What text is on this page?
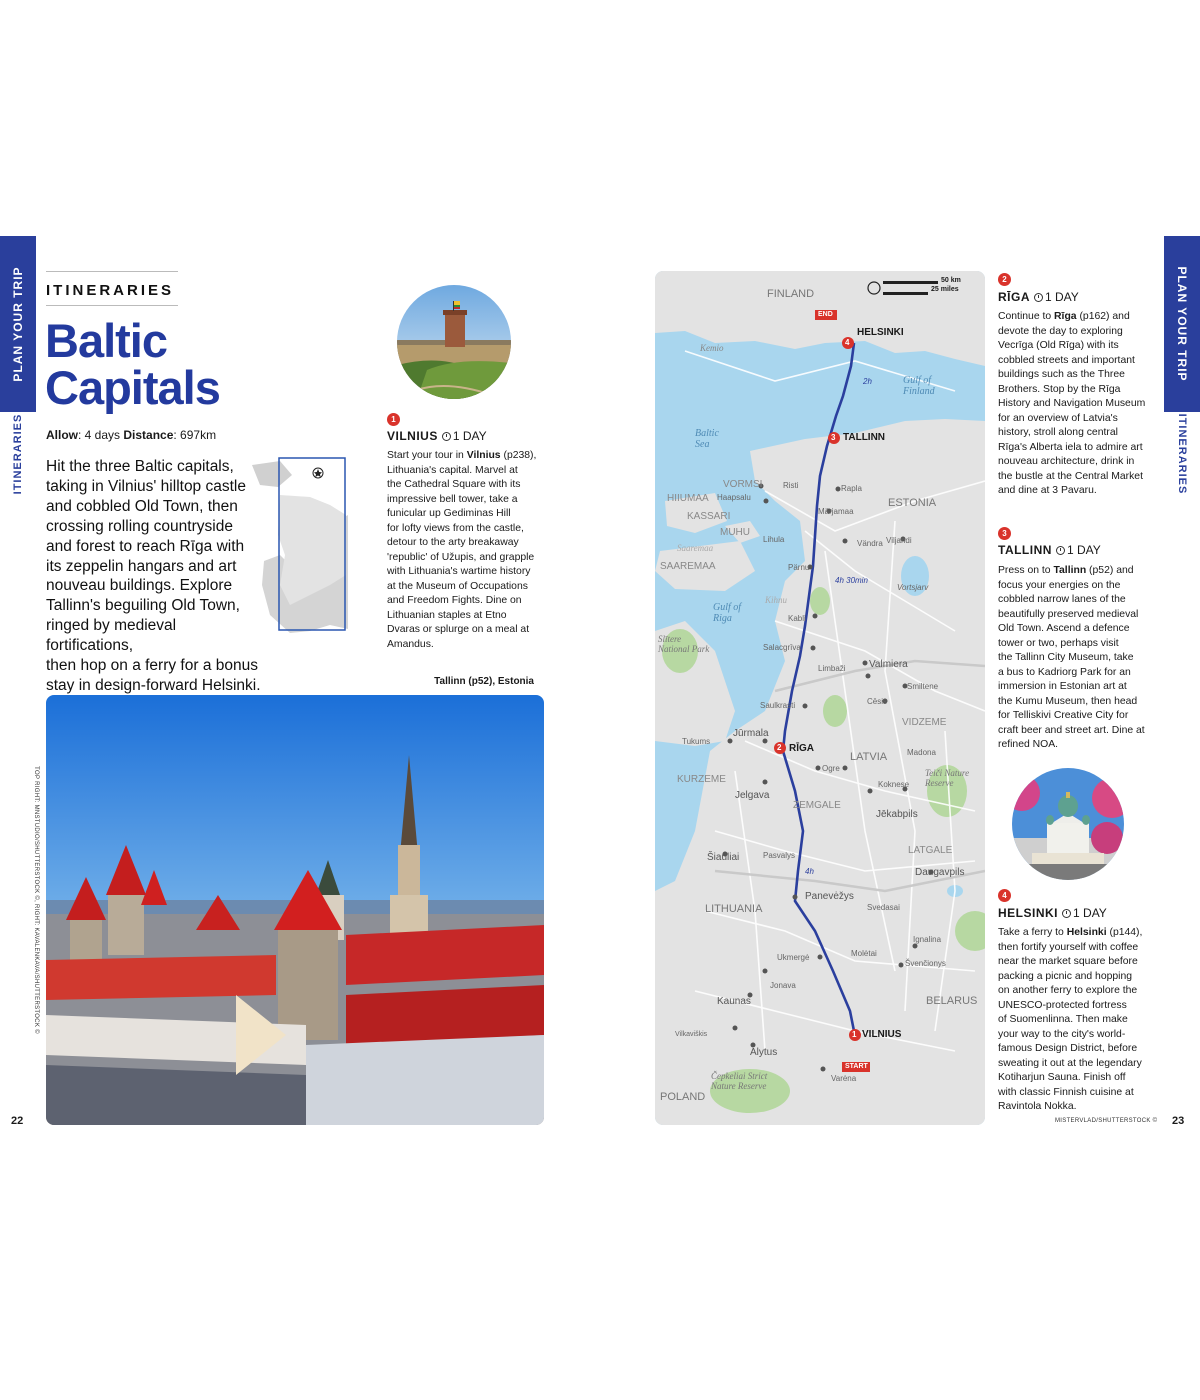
PLAN YOUR TRIP
ITINERARIES
ITINERARIES
Baltic
Capitals
Allow: 4 days Distance: 697km
Hit the three Baltic capitals,
taking in Vilnius' hilltop castle
and cobbled Old Town, then
crossing rolling countryside
and forest to reach Rīga with
its zeppelin hangars and art
nouveau buildings. Explore
Tallinn's beguiling Old Town,
ringed by medieval fortifications,
then hop on a ferry for a bonus
stay in design-forward Helsinki.
1
VILNIUS 1 DAY
Start your tour in Vilnius (p238),
Lithuania's capital. Marvel at
the Cathedral Square with its
impressive bell tower, take a
funicular up Gediminas Hill
for lofty views from the castle,
detour to the arty breakaway
'republic' of Užupis, and grapple
with Lithuania's wartime history
at the Museum of Occupations
and Freedom Fights. Dine on
Lithuanian staples at Etno
Dvaras or splurge on a meal at
Amandus.
Tallinn (p52), Estonia
TOP RIGHT: MNSTUDIO/SHUTTERSTOCK ©, RIGHT: KAVALENKAVA/SHUTTERSTOCK ©
22
50 km
25 miles
FINLAND
ESTONIA
LATVIA
LITHUANIA
BELARUS
POLAND
VORMSI
HIIUMAA
KASSARI
MUHU
SAAREMAA
VIDZEME
KURZEME
ZEMGALE
LATGALE
Gulf of Finland
Baltic Sea
Gulf of Riga
Saaremaa
Kihnu
Slītere National Park
Teiči Nature Reserve
Čepkeliai Strict Nature Reserve
Kemio
Haapsalu
Risti	Rapla
Märjamaa
Lihula	Vändra Viljandi
Pärnu
Vortsjarv
Kabli
Salacgrīva
Limbaži Valmiera
Smiltene
Saulkrasti	Cēsis
Jūrmala
Tukums
Ogre
Madona
Koknese
Jelgava
Jēkabpils
Pasvalys
Šiauliai
Daugavpils
Panevėžys
Svedasai
Ignalina
Švenčionys
Ukmergė	Molėtai
Jonava
Kaunas
Vilkaviškis
Alytus
Varėna
4
HELSINKI
3 TALLINN
2 RĪGA
1 VILNIUS
END
START
2h
4h 30min
4h
PLAN YOUR TRIP
ITINERARIES
2
RĪGA 1 DAY
Continue to Rīga (p162) and
devote the day to exploring
Vecrīga (Old Rīga) with its
cobbled streets and important
buildings such as the Three
Brothers. Stop by the Rīga
History and Navigation Museum
for an overview of Latvia's
history, stroll along central
Rīga's Alberta iela to admire art
nouveau architecture, drink in
the bustle at the Central Market
and dine at 3 Pavaru.
3
TALLINN 1 DAY
Press on to Tallinn (p52) and
focus your energies on the
cobbled narrow lanes of the
beautifully preserved medieval
Old Town. Ascend a defence
tower or two, perhaps visit
the Tallinn City Museum, take
a bus to Kadriorg Park for an
immersion in Estonian art at
the Kumu Museum, then head
for Telliskivi Creative City for
craft beer and street art. Dine at
refined NOA.
4
HELSINKI 1 DAY
Take a ferry to Helsinki (p144),
then fortify yourself with coffee
near the market square before
packing a picnic and hopping
on another ferry to explore the
UNESCO-protected fortress
of Suomenlinna. Then make
your way to the city's world-
famous Design District, before
sweating it out at the legendary
Kotiharjun Sauna. Finish off
with classic Finnish cuisine at
Ravintola Nokka.
MISTERVLAD/SHUTTERSTOCK © 23
